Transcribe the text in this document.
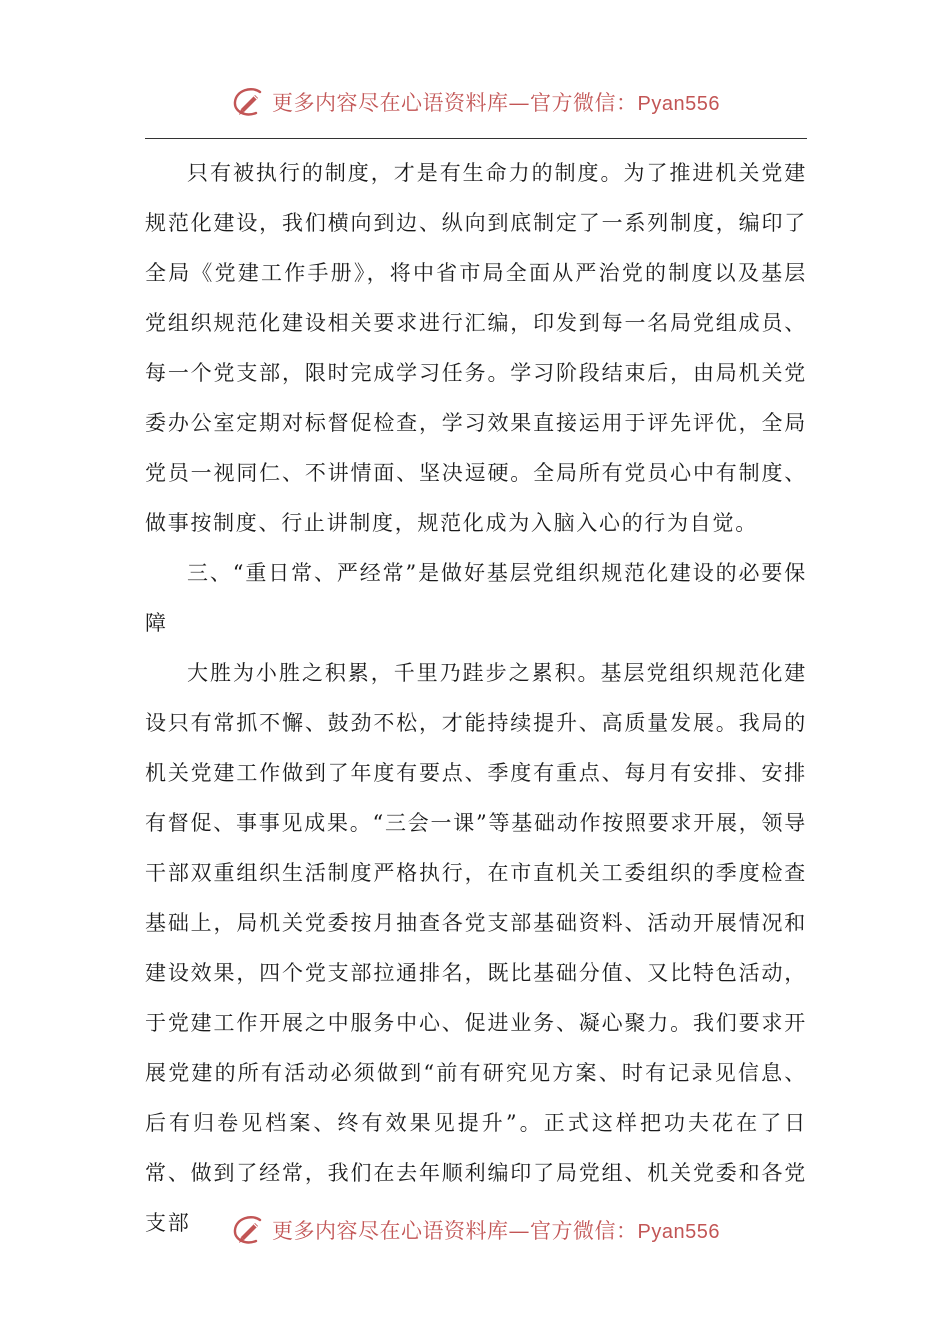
更多内容尽在心语资料库—官方微信：Pyan556

只有被执行的制度，才是有生命力的制度。为了推进机关党建规范化建设，我们横向到边、纵向到底制定了一系列制度，编印了全局《党建工作手册》，将中省市局全面从严治党的制度以及基层党组织规范化建设相关要求进行汇编，印发到每一名局党组成员、每一个党支部，限时完成学习任务。学习阶段结束后，由局机关党委办公室定期对标督促检查，学习效果直接运用于评先评优，全局党员一视同仁、不讲情面、坚决逗硬。全局所有党员心中有制度、做事按制度、行止讲制度，规范化成为入脑入心的行为自觉。

三、“重日常、严经常”是做好基层党组织规范化建设的必要保障

大胜为小胜之积累，千里乃跬步之累积。基层党组织规范化建设只有常抓不懈、鼓劲不松，才能持续提升、高质量发展。我局的机关党建工作做到了年度有要点、季度有重点、每月有安排、安排有督促、事事见成果。“三会一课”等基础动作按照要求开展，领导干部双重组织生活制度严格执行，在市直机关工委组织的季度检查基础上，局机关党委按月抽查各党支部基础资料、活动开展情况和建设效果，四个党支部拉通排名，既比基础分值、又比特色活动，于党建工作开展之中服务中心、促进业务、凝心聚力。我们要求开展党建的所有活动必须做到“前有研究见方案、时有记录见信息、后有归卷见档案、终有效果见提升”。正式这样把功夫花在了日常、做到了经常，我们在去年顺利编印了局党组、机关党委和各党支部	更多内容尽在心语资料库—官方微信：Pyan556
